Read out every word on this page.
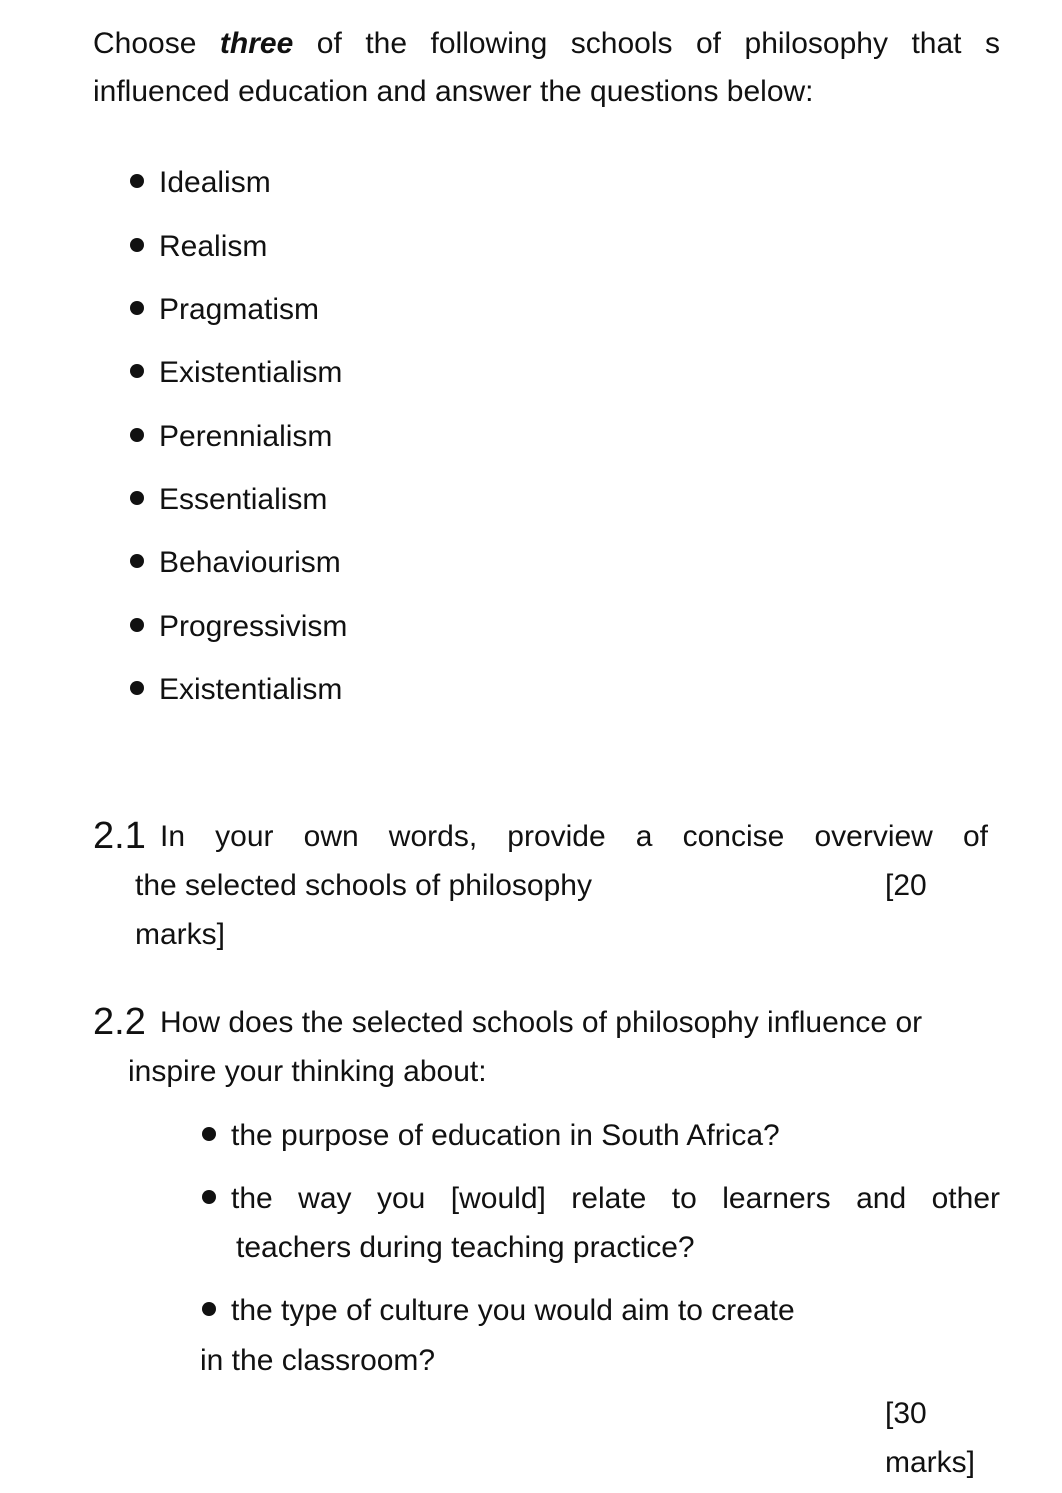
Choose three of the following schools of philosophy that s
influenced education and answer the questions below:
Idealism
Realism
Pragmatism
Existentialism
Perennialism
Essentialism
Behaviourism
Progressivism
Existentialism
2.1 In your own words, provide a concise overview of
the selected schools of philosophy	[20
marks]
2.2 How does the selected schools of philosophy influence or
inspire your thinking about:
the purpose of education in South Africa?
the way you [would] relate to learners and other
teachers during teaching practice?
the type of culture you would aim to create
in the classroom?
[30
marks]
